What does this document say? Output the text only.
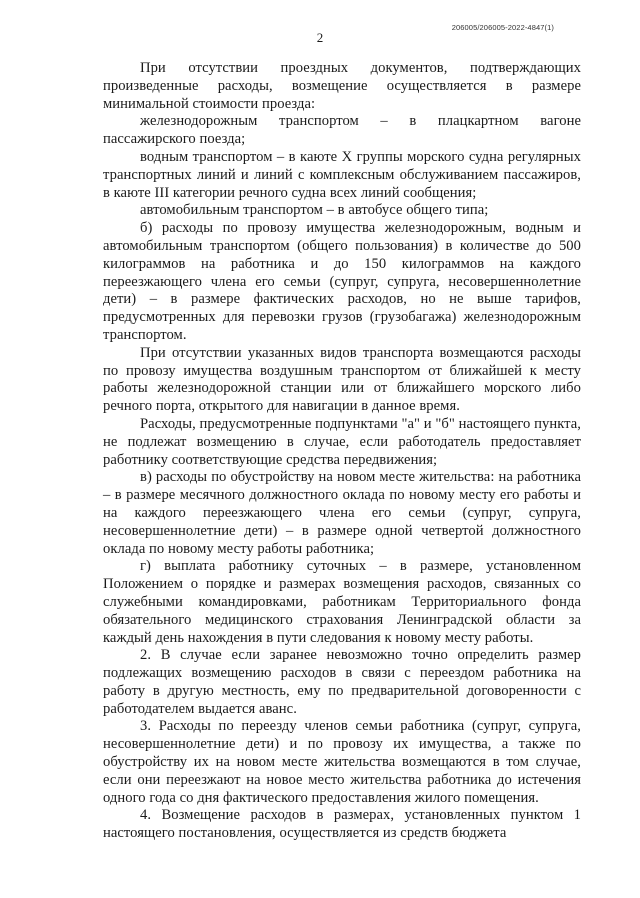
206005/206005-2022-4847(1)
2

При отсутствии проездных документов, подтверждающих произведенные расходы, возмещение осуществляется в размере минимальной стоимости проезда:

железнодорожным транспортом – в плацкартном вагоне пассажирского поезда;

водным транспортом – в каюте X группы морского судна регулярных транспортных линий и линий с комплексным обслуживанием пассажиров, в каюте III категории речного судна всех линий сообщения;

автомобильным транспортом – в автобусе общего типа;

б) расходы по провозу имущества железнодорожным, водным и автомобильным транспортом (общего пользования) в количестве до 500 килограммов на работника и до 150 килограммов на каждого переезжающего члена его семьи (супруг, супруга, несовершеннолетние дети) – в размере фактических расходов, но не выше тарифов, предусмотренных для перевозки грузов (грузобагажа) железнодорожным транспортом.

При отсутствии указанных видов транспорта возмещаются расходы по провозу имущества воздушным транспортом от ближайшей к месту работы железнодорожной станции или от ближайшего морского либо речного порта, открытого для навигации в данное время.

Расходы, предусмотренные подпунктами "а" и "б" настоящего пункта, не подлежат возмещению в случае, если работодатель предоставляет работнику соответствующие средства передвижения;

в) расходы по обустройству на новом месте жительства: на работника – в размере месячного должностного оклада по новому месту его работы и на каждого переезжающего члена его семьи (супруг, супруга, несовершеннолетние дети) – в размере одной четвертой должностного оклада по новому месту работы работника;

г) выплата работнику суточных – в размере, установленном Положением о порядке и размерах возмещения расходов, связанных со служебными командировками, работникам Территориального фонда обязательного медицинского страхования Ленинградской области за каждый день нахождения в пути следования к новому месту работы.

2. В случае если заранее невозможно точно определить размер подлежащих возмещению расходов в связи с переездом работника на работу в другую местность, ему по предварительной договоренности с работодателем выдается аванс.

3. Расходы по переезду членов семьи работника (супруг, супруга, несовершеннолетние дети) и по провозу их имущества, а также по обустройству их на новом месте жительства возмещаются в том случае, если они переезжают на новое место жительства работника до истечения одного года со дня фактического предоставления жилого помещения.

4. Возмещение расходов в размерах, установленных пунктом 1 настоящего постановления, осуществляется из средств бюджета
